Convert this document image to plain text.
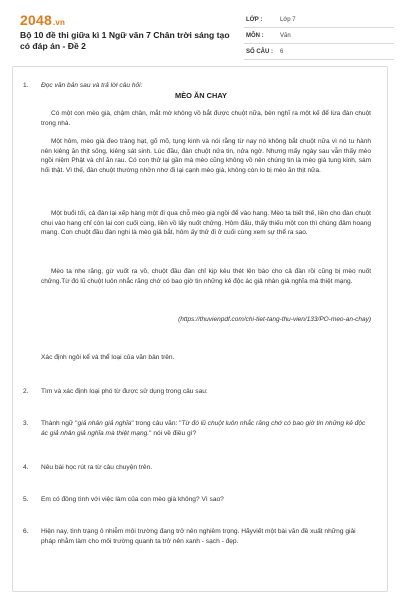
2048.vn
Bộ 10 đề thi giữa kì 1 Ngữ văn 7 Chân trời sáng tạo có đáp án - Đề 2
LỚP :	Lớp 7
MÔN :	Văn
SỐ CÂU :	6
1.	Đọc văn bản sau và trả lời câu hỏi:
MÈO ĂN CHAY
Có một con mèo già, chậm chân, mắt mờ không vồ bắt được chuột nữa, bèn nghĩ ra một kế để lừa đàn chuột trong nhà.
Một hôm, mèo già đeo tràng hạt, gõ mõ, tụng kinh và nói rằng từ nay nó không bắt chuột nữa vì nó tu hành nên kiêng ăn thịt sống, kiêng sát sinh. Lúc đầu, đàn chuột nửa tin, nửa ngờ. Nhưng mấy ngày sau vẫn thấy mèo ngồi niệm Phật và chỉ ăn rau. Có con thử lại gần mà mèo cũng không vồ nên chúng tin là mèo già tụng kinh, sám hối thật. Vì thế, đàn chuột thường nhởn nhơ đi lại cạnh mèo già, không còn lo bị mèo ăn thịt nữa.
Một buổi tối, cả đàn lại xếp hàng một đi qua chỗ mèo già ngồi để vào hang. Mèo ta biết thế, liền cho đàn chuột chui vào hang chỉ còn lại con cuối cùng, liền vồ lấy nuốt chửng. Hôm đấu, thấy thiếu một con thì chúng đâm hoang mang. Con chuột đầu đàn nghi là mèo giả bắt, hôm ấy thử đi ở cuối cùng xem sự thể ra sao.
Mèo ta nhe răng, gừ vuốt ra vồ, chuột đầu đàn chỉ kịp kêu thét lên báo cho cả đàn rồi cũng bị mèo nuốt chửng.Từ đó lũ chuột luôn nhắc răng chớ có bao giờ tin những kẻ độc ác giả nhân giả nghĩa mà thiệt mạng.
(https://thuvienpdf.com/chi-tiet-tang-thu-vien/133/PO-meo-an-chay)
Xác định ngôi kể và thể loại của văn bản trên.
2.	Tìm và xác định loại phó từ được sử dụng trong câu sau:
3.	Thành ngữ "giả nhân giả nghĩa" trong câu văn: "Từ đó lũ chuột luôn nhắc răng chớ có bao giờ tin những kẻ độc ác giả nhân giả nghĩa mà thiệt mạng." nói về điều gì?
4.	Nêu bài học rút ra từ câu chuyện trên.
5.	Em có đồng tình với việc làm của con mèo già không? Vì sao?
6.	Hiện nay, tình trạng ô nhiễm môi trường đang trở nên nghiêm trọng. Hãyviết một bài văn đề xuất những giải pháp nhằm làm cho môi trường quanh ta trở nên xanh - sạch - đẹp.
